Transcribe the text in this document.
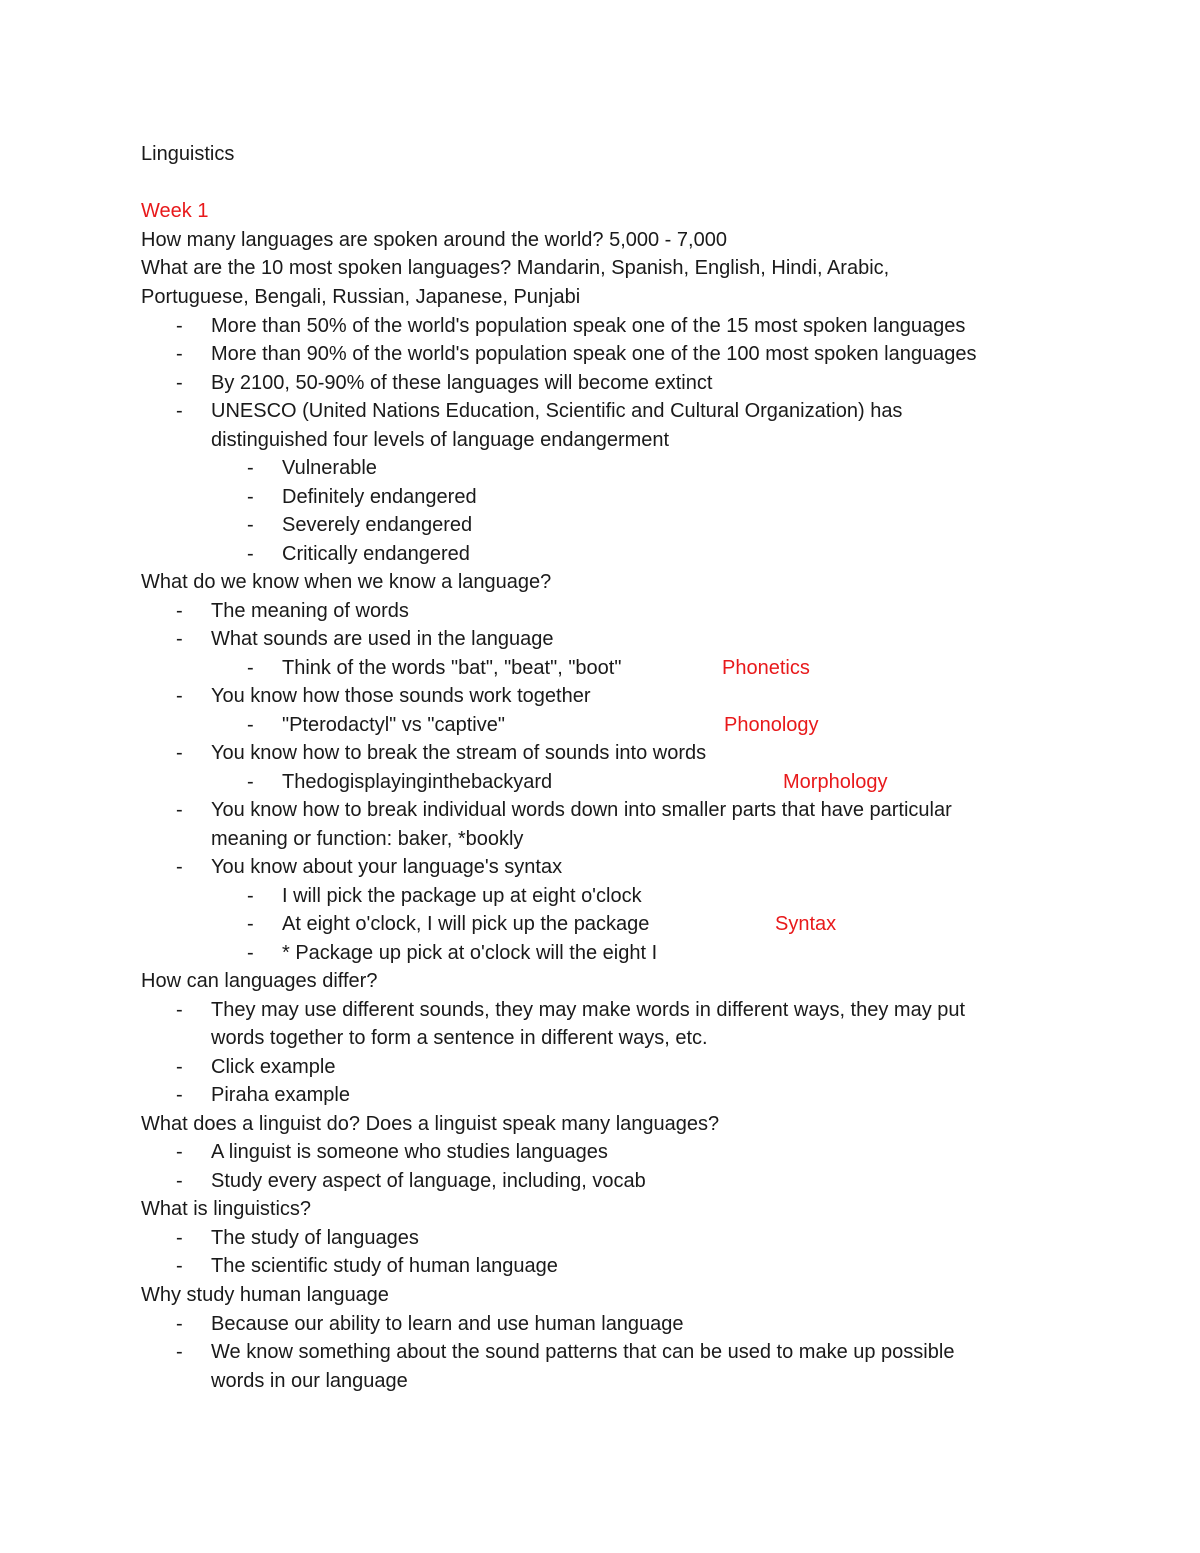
Linguistics
Week 1
How many languages are spoken around the world? 5,000 - 7,000
What are the 10 most spoken languages? Mandarin, Spanish, English, Hindi, Arabic,
Portuguese, Bengali, Russian, Japanese, Punjabi
- More than 50% of the world's population speak one of the 15 most spoken languages
- More than 90% of the world's population speak one of the 100 most spoken languages
- By 2100, 50-90% of these languages will become extinct
- UNESCO (United Nations Education, Scientific and Cultural Organization) has
distinguished four levels of language endangerment
- Vulnerable
- Definitely endangered
- Severely endangered
- Critically endangered
What do we know when we know a language?
- The meaning of words
- What sounds are used in the language
- Think of the words "bat", "beat", "boot"	Phonetics
- You know how those sounds work together
- "Pterodactyl" vs "captive"	Phonology
- You know how to break the stream of sounds into words
- Thedogisplayinginthebackyard	Morphology
- You know how to break individual words down into smaller parts that have particular
meaning or function: baker, *bookly
- You know about your language's syntax
- I will pick the package up at eight o'clock
- At eight o'clock, I will pick up the package	Syntax
- * Package up pick at o'clock will the eight I
How can languages differ?
- They may use different sounds, they may make words in different ways, they may put
words together to form a sentence in different ways, etc.
- Click example
- Piraha example
What does a linguist do? Does a linguist speak many languages?
- A linguist is someone who studies languages
- Study every aspect of language, including, vocab
What is linguistics?
- The study of languages
- The scientific study of human language
Why study human language
- Because our ability to learn and use human language
- We know something about the sound patterns that can be used to make up possible
words in our language
